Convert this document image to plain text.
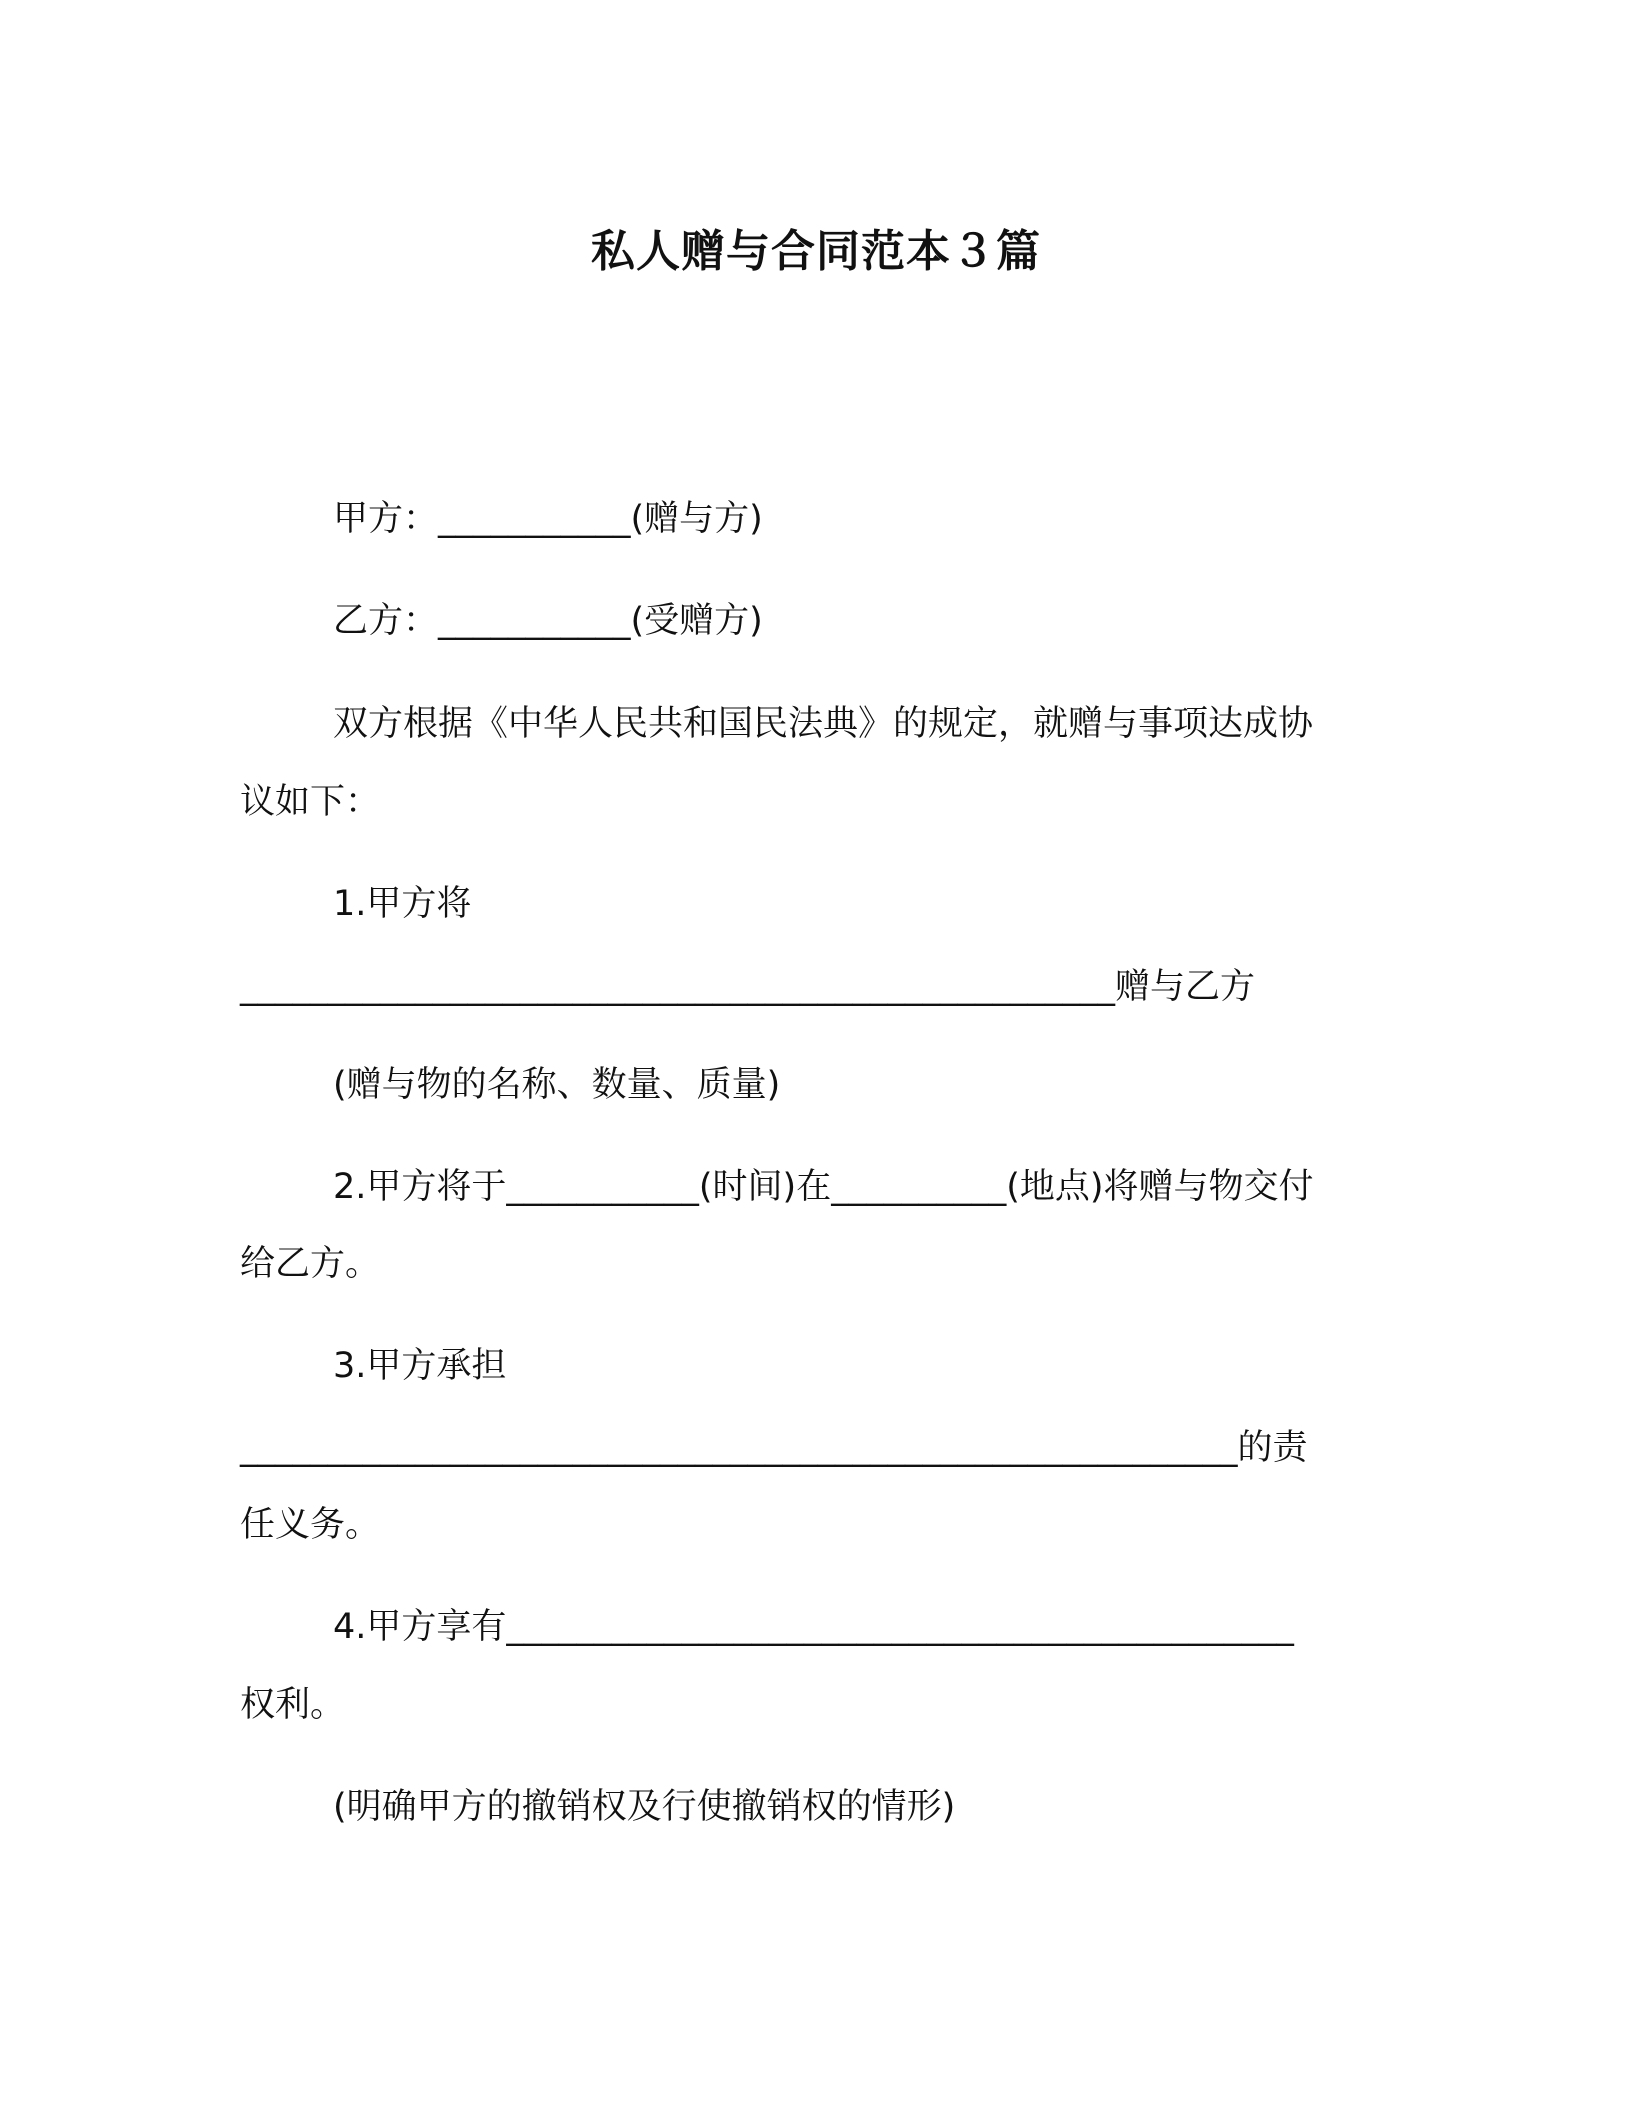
私人赠与合同范本３篇
甲方：___________(赠与方)
乙方：___________(受赠方)
双方根据《中华人民共和国民法典》的规定，就赠与事项达成协
议如下：
1.甲方将
__________________________________________________赠与乙方
(赠与物的名称、数量、质量)
2.甲方将于___________(时间)在__________(地点)将赠与物交付
给乙方。
3.甲方承担
_________________________________________________________的责
任义务。
4.甲方享有_____________________________________________
权利。
(明确甲方的撤销权及行使撤销权的情形)
